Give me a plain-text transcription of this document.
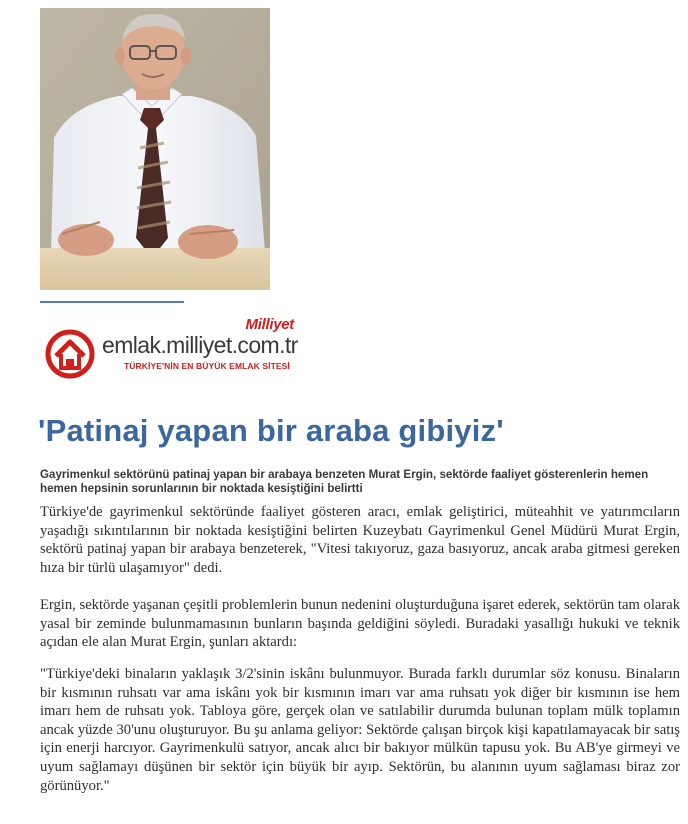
Milliyet
emlak.milliyet.com.tr
TÜRKİYE'NİN EN BÜYÜK EMLAK SİTESİ
'Patinaj yapan bir araba gibiyiz'
Gayrimenkul sektörünü patinaj yapan bir arabaya benzeten Murat Ergin, sektörde faaliyet gösterenlerin hemen hemen hepsinin sorunlarının bir noktada kesiştiğini belirtti
Türkiye'de gayrimenkul sektöründe faaliyet gösteren aracı, emlak geliştirici, müteahhit ve yatırımcıların yaşadığı sıkıntılarının bir noktada kesiştiğini belirten Kuzeybatı Gayrimenkul Genel Müdürü Murat Ergin, sektörü patinaj yapan bir arabaya benzeterek, "Vitesi takıyoruz, gaza basıyoruz, ancak araba gitmesi gereken hıza bir türlü ulaşamıyor" dedi.
Ergin, sektörde yaşanan çeşitli problemlerin bunun nedenini oluşturduğuna işaret ederek, sektörün tam olarak yasal bir zeminde bulunmamasının bunların başında geldiğini söyledi. Buradaki yasallığı hukuki ve teknik açıdan ele alan Murat Ergin, şunları aktardı:
"Türkiye'deki binaların yaklaşık 3/2'sinin iskânı bulunmuyor. Burada farklı durumlar söz konusu. Binaların bir kısmının ruhsatı var ama iskânı yok bir kısmının imarı var ama ruhsatı yok diğer bir kısmının ise hem imarı hem de ruhsatı yok. Tabloya göre, gerçek olan ve satılabilir durumda bulunan toplam mülk toplamın ancak yüzde 30'unu oluşturuyor. Bu şu anlama geliyor: Sektörde çalışan birçok kişi kapatılamayacak bir satış için enerji harcıyor. Gayrimenkulü satıyor, ancak alıcı bir bakıyor mülkün tapusu yok. Bu AB'ye girmeyi ve uyum sağlamayı düşünen bir sektör için büyük bir ayıp. Sektörün, bu alanının uyum sağlaması biraz zor görünüyor."
